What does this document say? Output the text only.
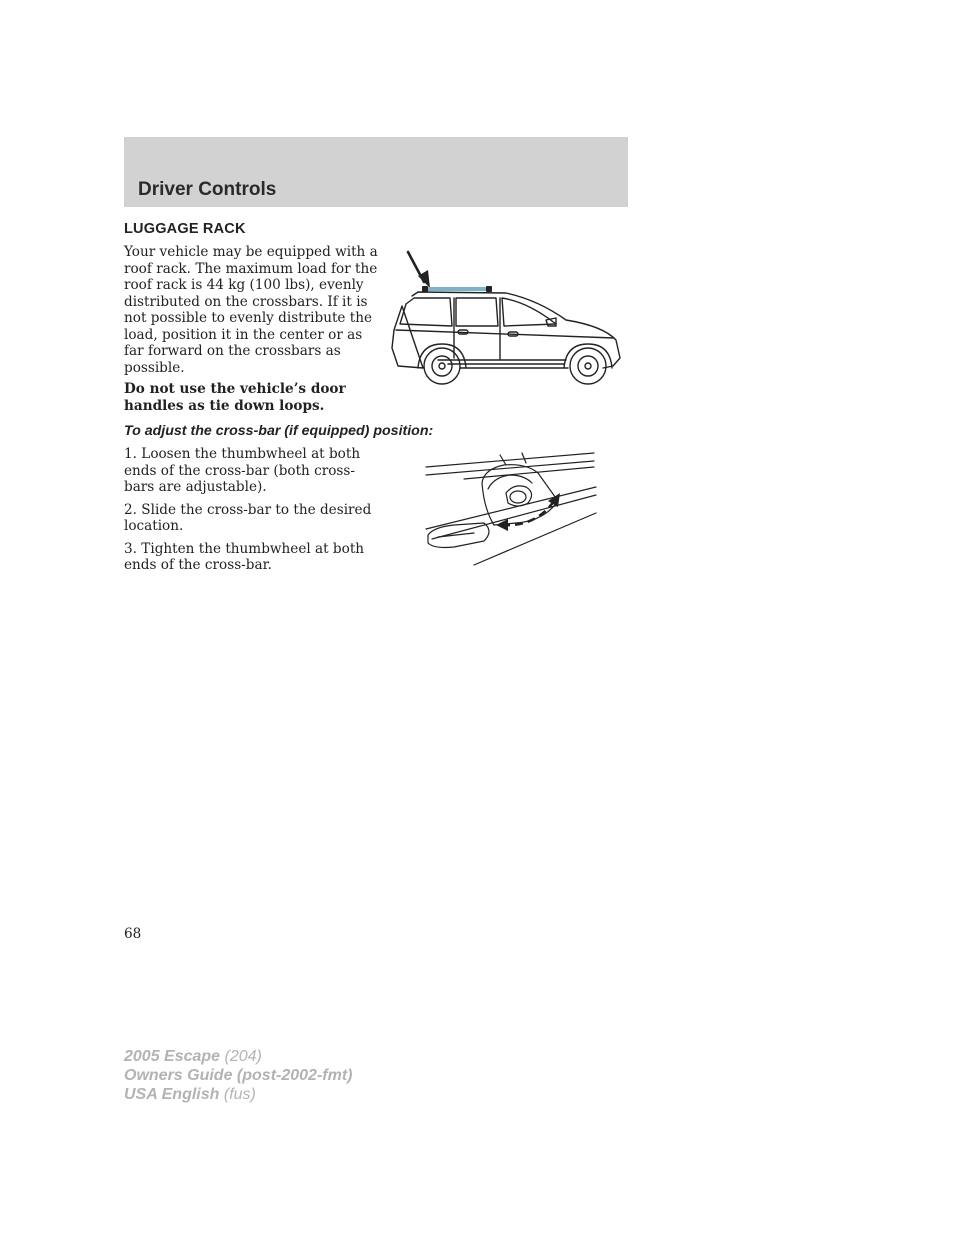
Driver Controls
LUGGAGE RACK
Your vehicle may be equipped with a roof rack. The maximum load for the roof rack is 44 kg (100 lbs), evenly distributed on the crossbars. If it is not possible to evenly distribute the load, position it in the center or as far forward on the crossbars as possible.
Do not use the vehicle’s door handles as tie down loops.
To adjust the cross-bar (if equipped) position:
1. Loosen the thumbwheel at both ends of the cross-bar (both cross-bars are adjustable).
2. Slide the cross-bar to the desired location.
3. Tighten the thumbwheel at both ends of the cross-bar.
68
2005 Escape (204)
Owners Guide (post-2002-fmt)
USA English (fus)
